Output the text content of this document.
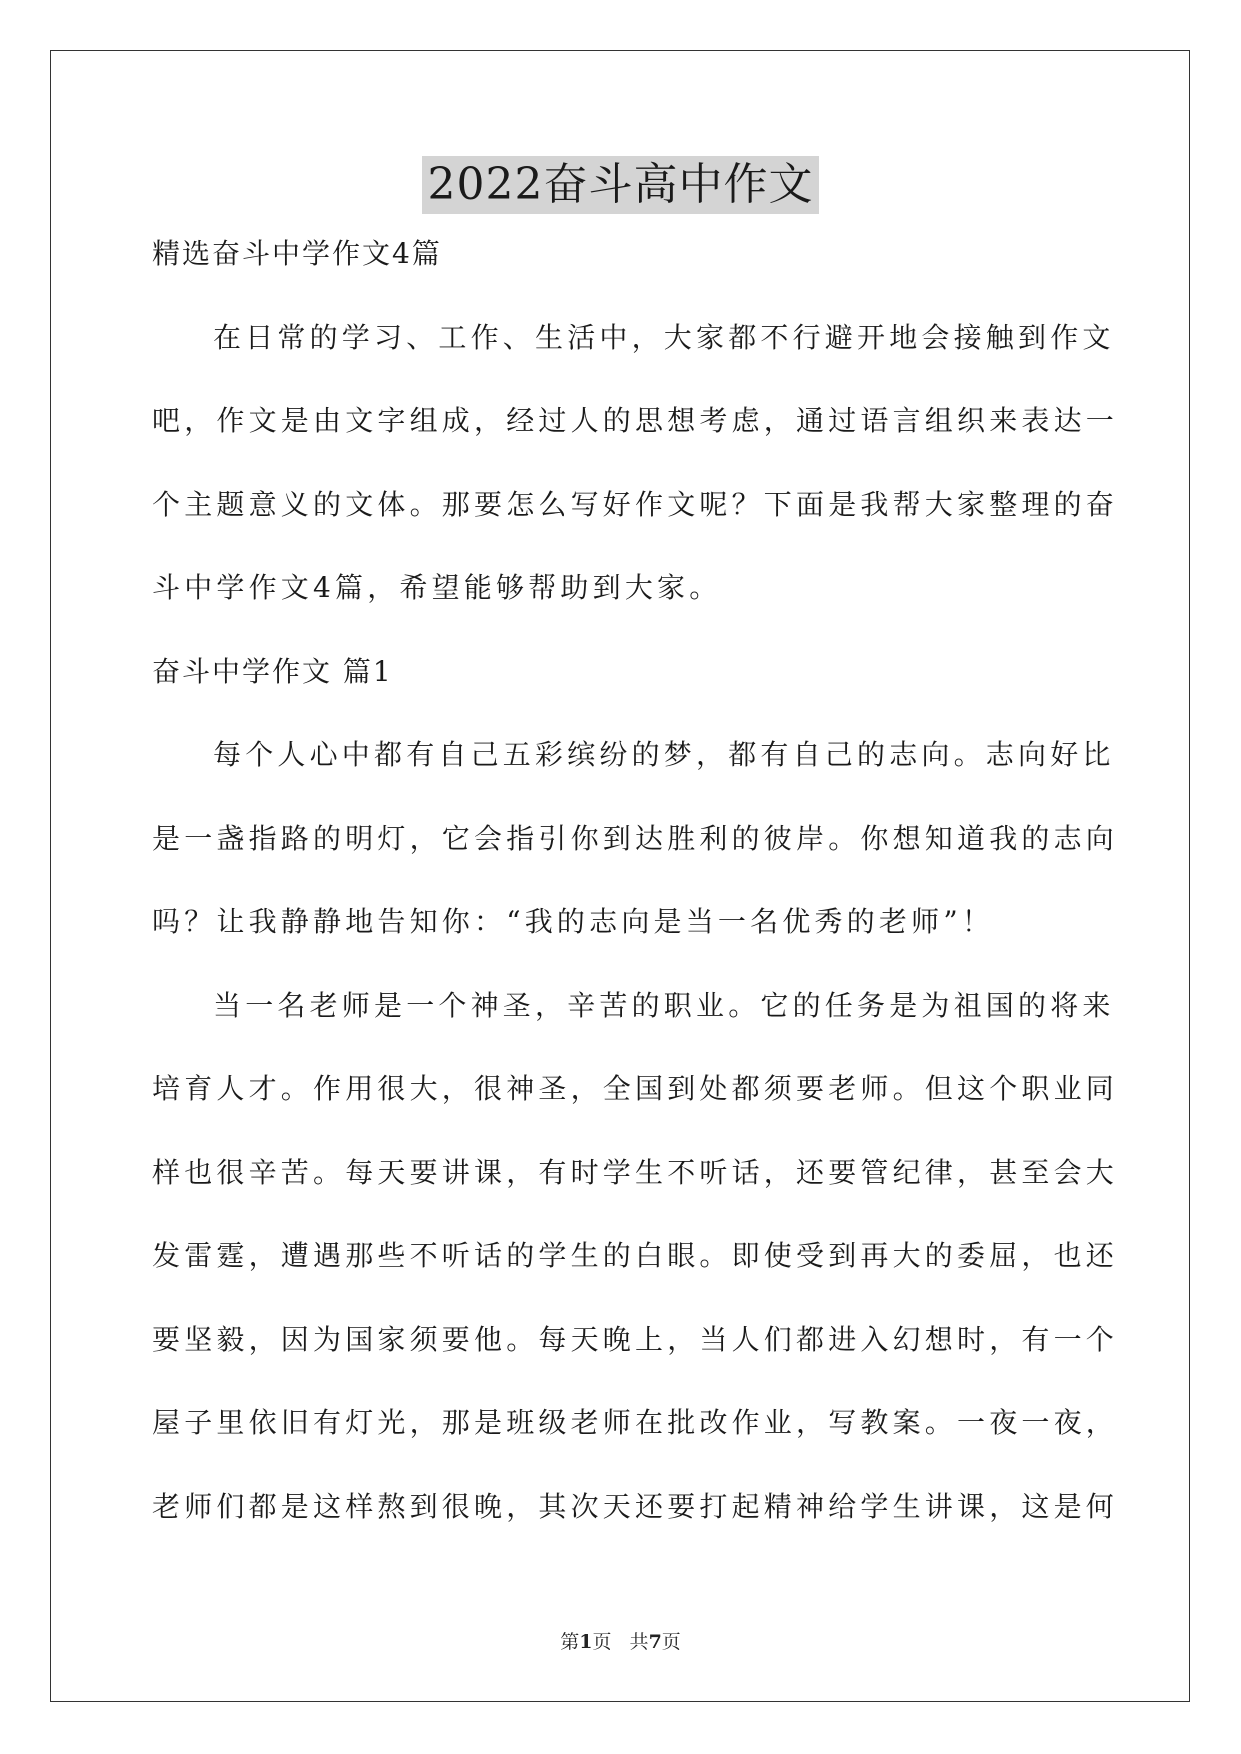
2022奋斗高中作文
精选奋斗中学作文4篇
在日常的学习、工作、生活中，大家都不行避开地会接触到作文
吧，作文是由文字组成，经过人的思想考虑，通过语言组织来表达一
个主题意义的文体。那要怎么写好作文呢？下面是我帮大家整理的奋
斗中学作文4篇，希望能够帮助到大家。
奋斗中学作文 篇1
每个人心中都有自己五彩缤纷的梦，都有自己的志向。志向好比
是一盏指路的明灯，它会指引你到达胜利的彼岸。你想知道我的志向
吗？让我静静地告知你：“我的志向是当一名优秀的老师”！
当一名老师是一个神圣，辛苦的职业。它的任务是为祖国的将来
培育人才。作用很大，很神圣，全国到处都须要老师。但这个职业同
样也很辛苦。每天要讲课，有时学生不听话，还要管纪律，甚至会大
发雷霆，遭遇那些不听话的学生的白眼。即使受到再大的委屈，也还
要坚毅，因为国家须要他。每天晚上，当人们都进入幻想时，有一个
屋子里依旧有灯光，那是班级老师在批改作业，写教案。一夜一夜，
老师们都是这样熬到很晚，其次天还要打起精神给学生讲课，这是何
第1页   共7页
